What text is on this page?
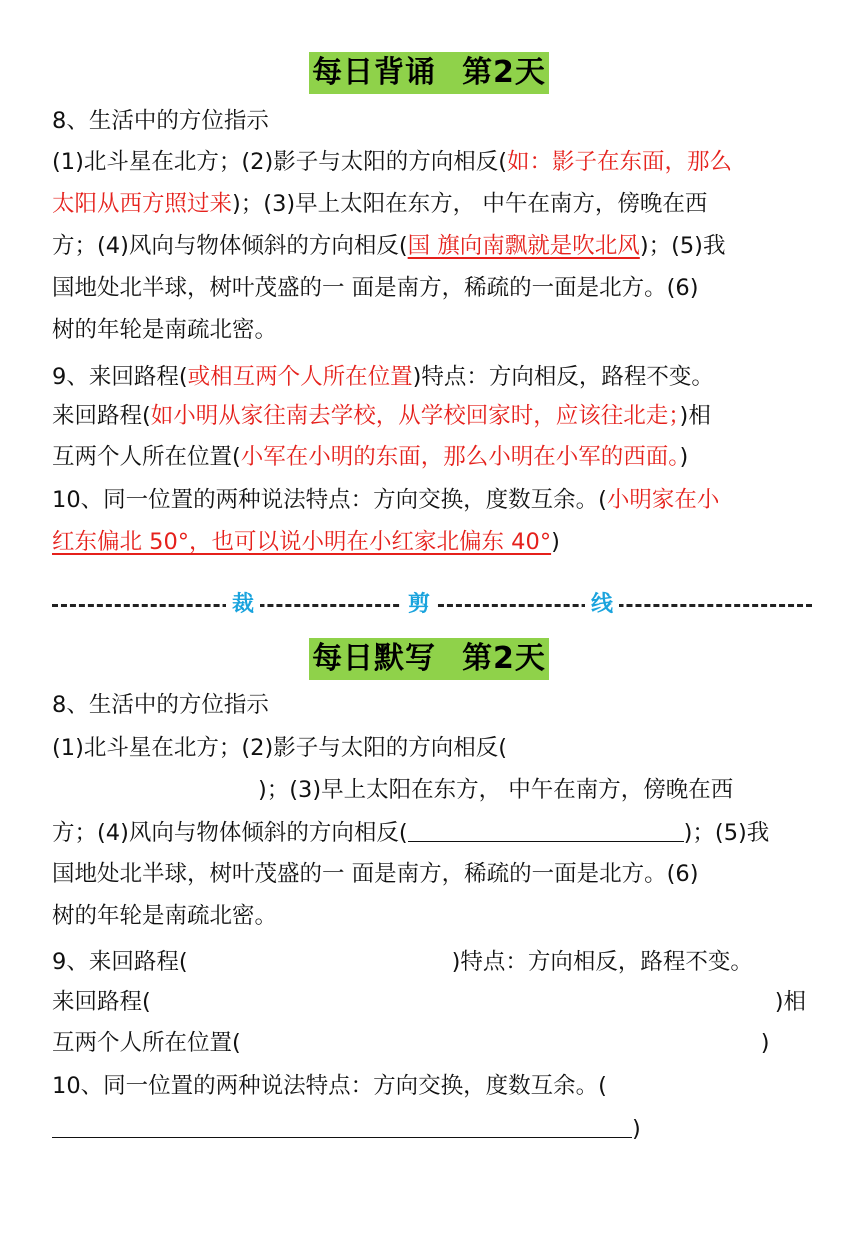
每日背诵 第2天
8、生活中的方位指示
(1)北斗星在北方；(2)影子与太阳的方向相反(如：影子在东面，那么
太阳从西方照过来)；(3)早上太阳在东方， 中午在南方，傍晚在西
方；(4)风向与物体倾斜的方向相反(国 旗向南飘就是吹北风)；(5)我
国地处北半球，树叶茂盛的一 面是南方，稀疏的一面是北方。(6)
树的年轮是南疏北密。
9、来回路程(或相互两个人所在位置)特点：方向相反，路程不变。
来回路程(如小明从家往南去学校，从学校回家时，应该往北走；)相
互两个人所在位置(小军在小明的东面，那么小明在小军的西面。)
10、同一位置的两种说法特点：方向交换，度数互余。(小明家在小
红东偏北 50°，也可以说小明在小红家北偏东 40°)
裁	剪	线
每日默写 第2天
8、生活中的方位指示
(1)北斗星在北方；(2)影子与太阳的方向相反(
)；(3)早上太阳在东方， 中午在南方，傍晚在西
方；(4)风向与物体倾斜的方向相反(	)；(5)我
国地处北半球，树叶茂盛的一 面是南方，稀疏的一面是北方。(6)
树的年轮是南疏北密。
9、来回路程(	)特点：方向相反，路程不变。
来回路程(	)相
互两个人所在位置(	)
10、同一位置的两种说法特点：方向交换，度数互余。(
)
